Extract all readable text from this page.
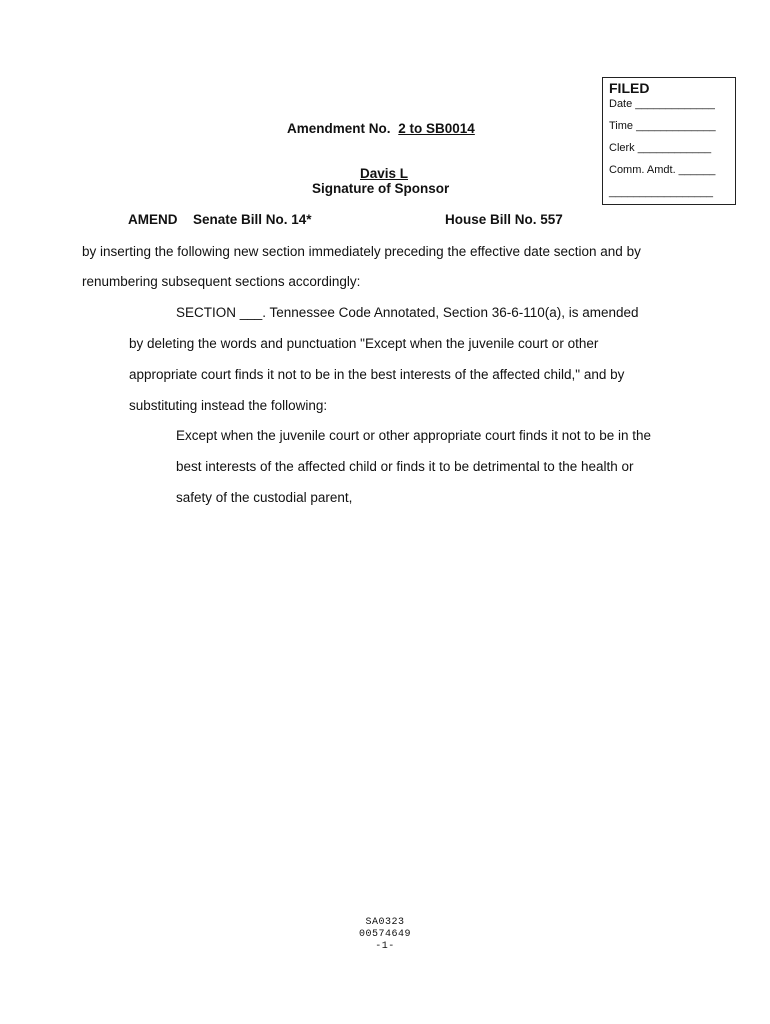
FILED
Date _____________
Time _____________
Clerk ____________
Comm. Amdt. ______
_________________
Amendment No. 2 to SB0014
Davis L
Signature of Sponsor
AMEND Senate Bill No. 14*	House Bill No. 557
by inserting the following new section immediately preceding the effective date section and by
renumbering subsequent sections accordingly:
SECTION ___. Tennessee Code Annotated, Section 36-6-110(a), is amended
by deleting the words and punctuation "Except when the juvenile court or other
appropriate court finds it not to be in the best interests of the affected child," and by
substituting instead the following:
Except when the juvenile court or other appropriate court finds it not to be in the
best interests of the affected child or finds it to be detrimental to the health or
safety of the custodial parent,
SA0323
00574649
-1-
